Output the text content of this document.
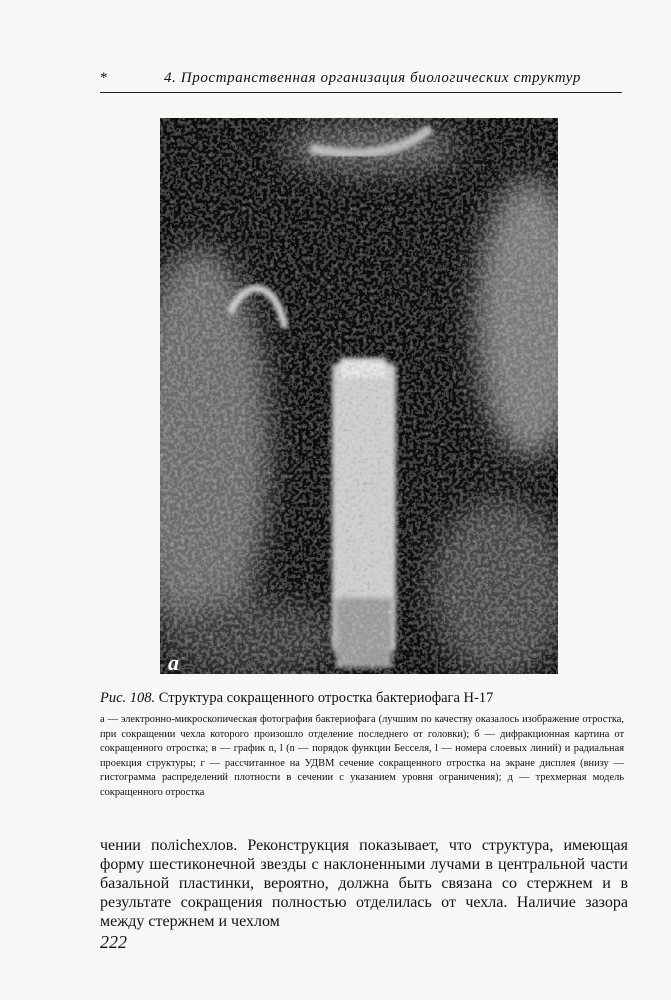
*	4. Пространственная организация биологических структур
а
Рис. 108. Структура сокращенного отростка бактериофага Н-17
а — электронно-микроскопическая фотография бактериофага (лучшим по качеству оказалось изображение отростка, при сокращении чехла которого произошло отделение последнего от головки); б — дифракционная картина от сокращенного отростка; в — график n, l (n — порядок функции Бесселя, l — номера слоевых линий) и радиальная проекция структуры; г — рассчитанное на УДВМ сечение сокращенного отростка на экране дисплея (внизу — гистограмма распределений плотности в сечении с указанием уровня ограничения); д — трехмерная модель сокращенного отростка
чении полichехлов. Реконструкция показывает, что структура, имеющая форму шестиконечной звезды с наклоненными лучами в центральной части базальной пластинки, вероятно, должна быть связана со стержнем и в результате сокращения полностью отделилась от чехла. Наличие зазора между стержнем и чехлом
222
